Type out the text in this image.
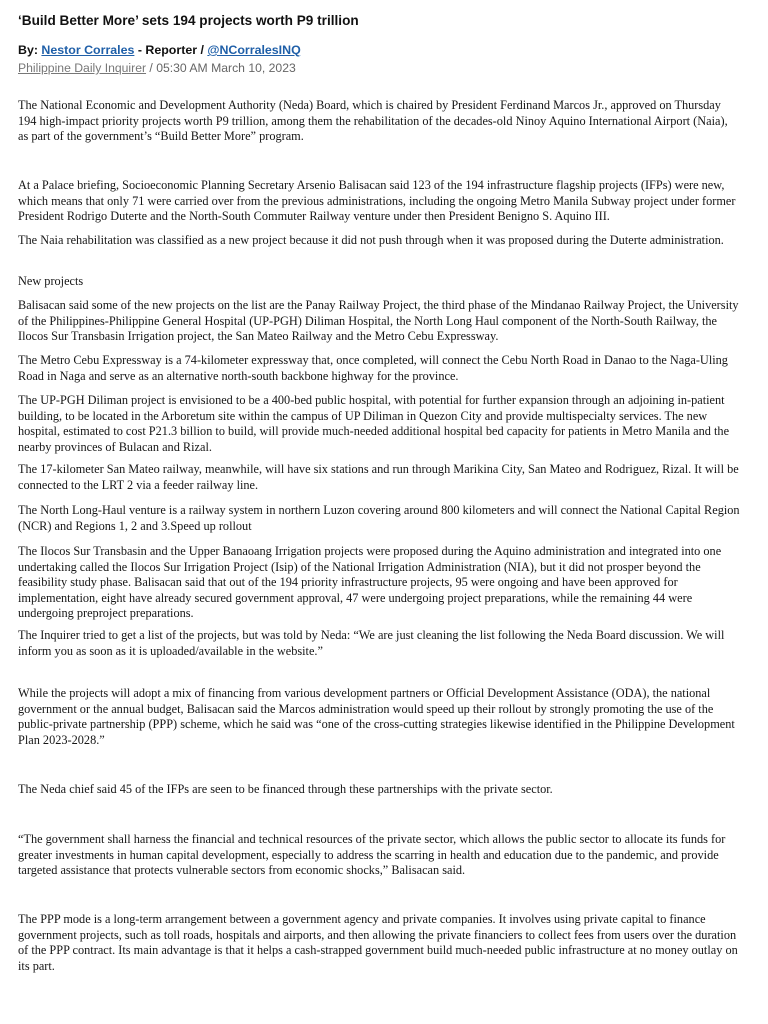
‘Build Better More’ sets 194 projects worth P9 trillion
By: Nestor Corrales - Reporter / @NCorralesINQ
Philippine Daily Inquirer / 05:30 AM March 10, 2023

The National Economic and Development Authority (Neda) Board, which is chaired by President Ferdinand Marcos Jr., approved on Thursday 194 high-impact priority projects worth P9 trillion, among them the rehabilitation of the decades-old Ninoy Aquino International Airport (Naia), as part of the government’s “Build Better More” program.

At a Palace briefing, Socioeconomic Planning Secretary Arsenio Balisacan said 123 of the 194 infrastructure flagship projects (IFPs) were new, which means that only 71 were carried over from the previous administrations, including the ongoing Metro Manila Subway project under former President Rodrigo Duterte and the North-South Commuter Railway venture under then President Benigno S. Aquino III.

The Naia rehabilitation was classified as a new project because it did not push through when it was proposed during the Duterte administration.

New projects

Balisacan said some of the new projects on the list are the Panay Railway Project, the third phase of the Mindanao Railway Project, the University of the Philippines-Philippine General Hospital (UP-PGH) Diliman Hospital, the North Long Haul component of the North-South Railway, the Ilocos Sur Transbasin Irrigation project, the San Mateo Railway and the Metro Cebu Expressway.

The Metro Cebu Expressway is a 74-kilometer expressway that, once completed, will connect the Cebu North Road in Danao to the Naga-Uling Road in Naga and serve as an alternative north-south backbone highway for the province.

The UP-PGH Diliman project is envisioned to be a 400-bed public hospital, with potential for further expansion through an adjoining in-patient building, to be located in the Arboretum site within the campus of UP Diliman in Quezon City and provide multispecialty services. The new hospital, estimated to cost P21.3 billion to build, will provide much-needed additional hospital bed capacity for patients in Metro Manila and the nearby provinces of Bulacan and Rizal.

The 17-kilometer San Mateo railway, meanwhile, will have six stations and run through Marikina City, San Mateo and Rodriguez, Rizal. It will be connected to the LRT 2 via a feeder railway line.

The North Long-Haul venture is a railway system in northern Luzon covering around 800 kilometers and will connect the National Capital Region (NCR) and Regions 1, 2 and 3.Speed up rollout

The Ilocos Sur Transbasin and the Upper Banaoang Irrigation projects were proposed during the Aquino administration and integrated into one undertaking called the Ilocos Sur Irrigation Project (Isip) of the National Irrigation Administration (NIA), but it did not prosper beyond the feasibility study phase. Balisacan said that out of the 194 priority infrastructure projects, 95 were ongoing and have been approved for implementation, eight have already secured government approval, 47 were undergoing project preparations, while the remaining 44 were undergoing preproject preparations.

The Inquirer tried to get a list of the projects, but was told by Neda: “We are just cleaning the list following the Neda Board discussion. We will inform you as soon as it is uploaded/available in the website.”

While the projects will adopt a mix of financing from various development partners or Official Development Assistance (ODA), the national government or the annual budget, Balisacan said the Marcos administration would speed up their rollout by strongly promoting the use of the public-private partnership (PPP) scheme, which he said was “one of the cross-cutting strategies likewise identified in the Philippine Development Plan 2023-2028.”

The Neda chief said 45 of the IFPs are seen to be financed through these partnerships with the private sector.

“The government shall harness the financial and technical resources of the private sector, which allows the public sector to allocate its funds for greater investments in human capital development, especially to address the scarring in health and education due to the pandemic, and provide targeted assistance that protects vulnerable sectors from economic shocks,” Balisacan said.

The PPP mode is a long-term arrangement between a government agency and private companies. It involves using private capital to finance government projects, such as toll roads, hospitals and airports, and then allowing the private financiers to collect fees from users over the duration of the PPP contract. Its main advantage is that it helps a cash-strapped government build much-needed public infrastructure at no money outlay on its part.
